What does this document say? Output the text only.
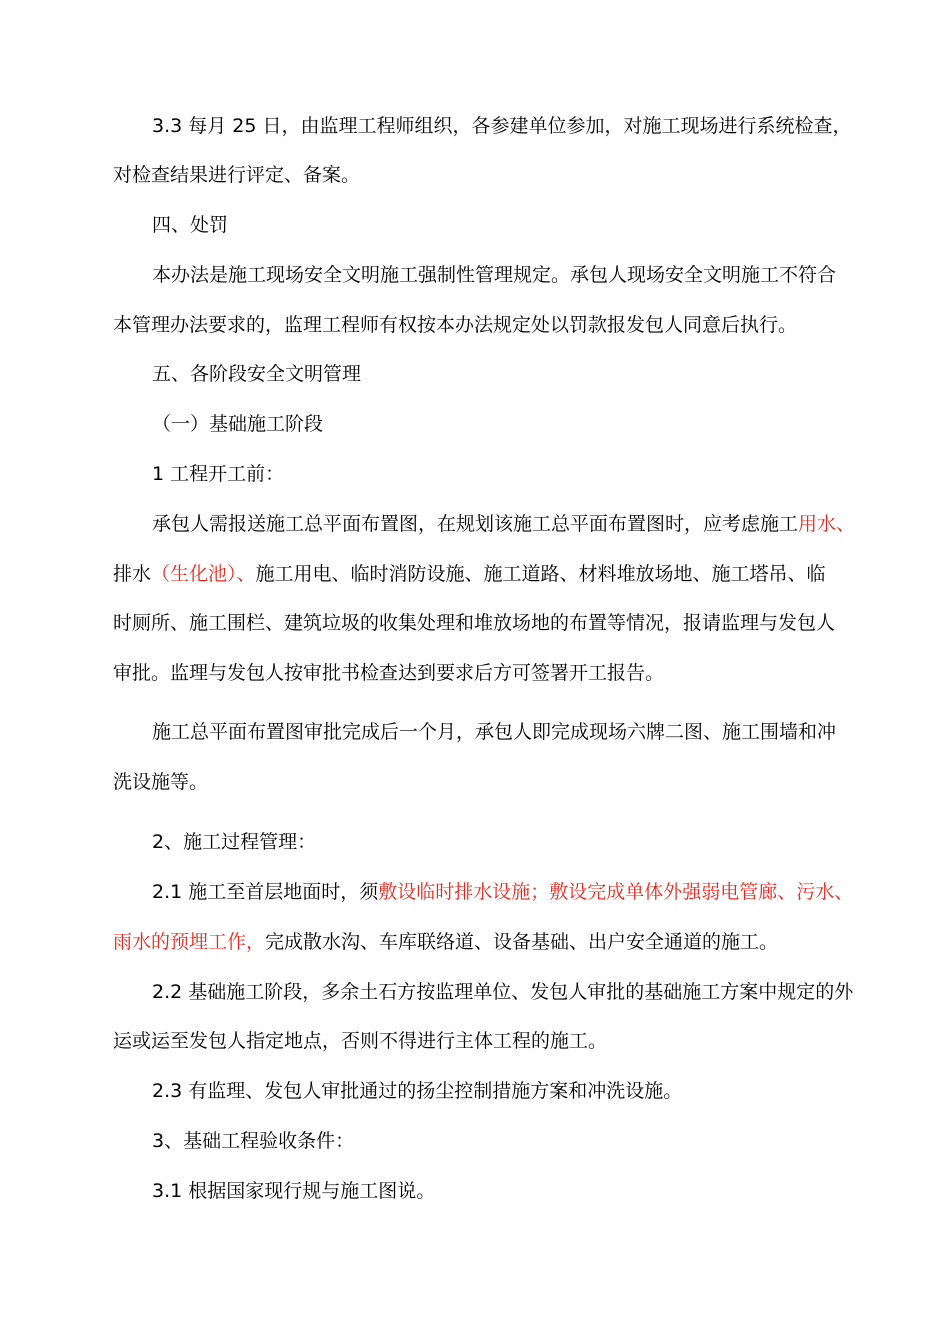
3.3 每月 25 日，由监理工程师组织，各参建单位参加，对施工现场进行系统检查，
对检查结果进行评定、备案。
四、处罚
本办法是施工现场安全文明施工强制性管理规定。承包人现场安全文明施工不符合
本管理办法要求的，监理工程师有权按本办法规定处以罚款报发包人同意后执行。
五、各阶段安全文明管理
（一）基础施工阶段
1 工程开工前：
承包人需报送施工总平面布置图，在规划该施工总平面布置图时，应考虑施工用水、
排水（生化池）、施工用电、临时消防设施、施工道路、材料堆放场地、施工塔吊、临
时厕所、施工围栏、建筑垃圾的收集处理和堆放场地的布置等情况，报请监理与发包人
审批。监理与发包人按审批书检查达到要求后方可签署开工报告。
施工总平面布置图审批完成后一个月，承包人即完成现场六牌二图、施工围墙和冲
洗设施等。
2、施工过程管理：
2.1 施工至首层地面时，须敷设临时排水设施；敷设完成单体外强弱电管廊、污水、
雨水的预埋工作，完成散水沟、车库联络道、设备基础、出户安全通道的施工。
2.2 基础施工阶段，多余土石方按监理单位、发包人审批的基础施工方案中规定的外
运或运至发包人指定地点，否则不得进行主体工程的施工。
2.3 有监理、发包人审批通过的扬尘控制措施方案和冲洗设施。
3、基础工程验收条件：
3.1 根据国家现行规与施工图说。
